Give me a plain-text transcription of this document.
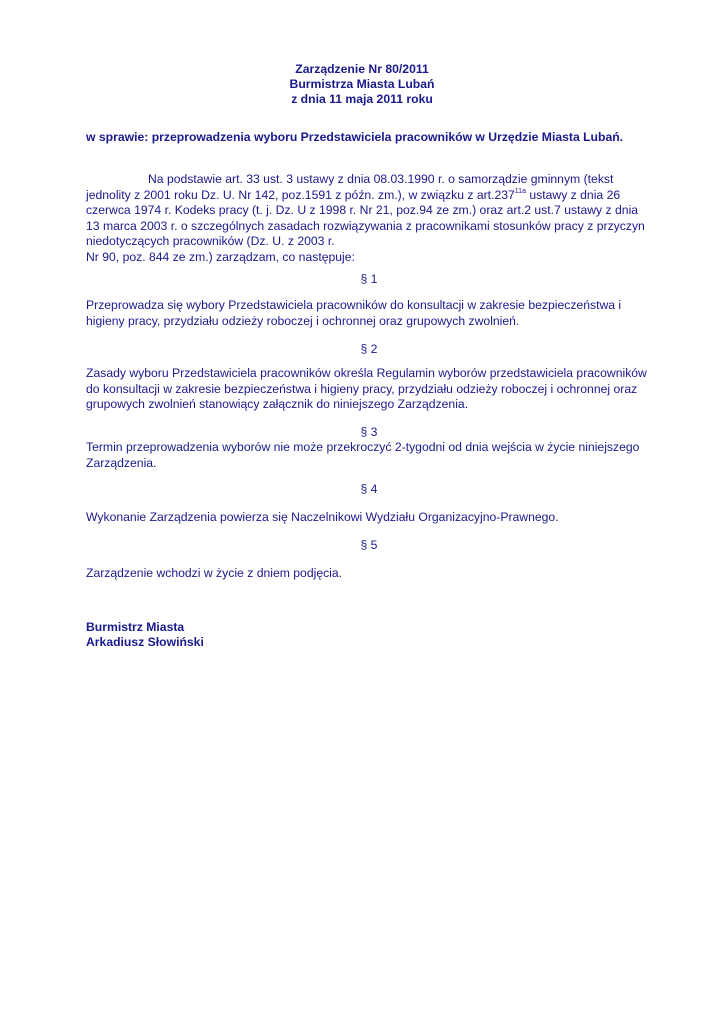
Zarządzenie Nr 80/2011
Burmistrza Miasta Lubań
z dnia 11 maja 2011 roku
w sprawie: przeprowadzenia wyboru Przedstawiciela pracowników w Urzędzie Miasta Lubań.
Na podstawie art. 33 ust. 3 ustawy z dnia 08.03.1990 r. o samorządzie gminnym (tekst
jednolity z 2001 roku Dz. U. Nr 142, poz.1591 z późn. zm.), w związku z $art.237^{11a}$ ustawy z dnia 26
czerwca 1974 r. Kodeks pracy (t. j. Dz. U z 1998 r. Nr 21, poz.94 ze zm.) oraz art.2 ust.7 ustawy z dnia
13 marca 2003 r. o szczególnych zasadach rozwiązywania z pracownikami stosunków pracy z przyczyn
niedotyczących pracowników (Dz. U. z 2003 r.
Nr 90, poz. 844 ze zm.) zarządzam, co następuje:
§ 1
Przeprowadza się wybory Przedstawiciela pracowników do konsultacji w zakresie bezpieczeństwa i
higieny pracy, przydziału odzieży roboczej i ochronnej oraz grupowych zwolnień.
§ 2
Zasady wyboru Przedstawiciela pracowników określa Regulamin wyborów przedstawiciela pracowników
do konsultacji w zakresie bezpieczeństwa i higieny pracy, przydziału odzieży roboczej i ochronnej oraz
grupowych zwolnień stanowiący załącznik do niniejszego Zarządzenia.
§ 3
Termin przeprowadzenia wyborów nie może przekroczyć 2-tygodni od dnia wejścia w życie niniejszego
Zarządzenia.
§ 4
Wykonanie Zarządzenia powierza się Naczelnikowi Wydziału Organizacyjno-Prawnego.
§ 5
Zarządzenie wchodzi w życie z dniem podjęcia.
Burmistrz Miasta
Arkadiusz Słowiński
